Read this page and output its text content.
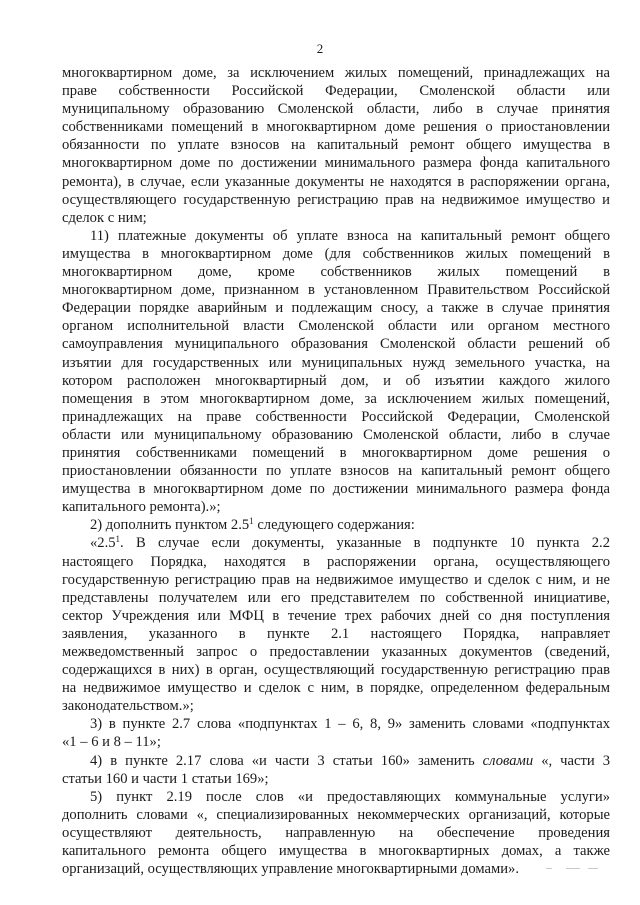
2

многоквартирном доме, за исключением жилых помещений, принадлежащих на
праве собственности Российской Федерации, Смоленской области или
муниципальному образованию Смоленской области, либо в случае принятия
собственниками помещений в многоквартирном доме решения о приостановлении
обязанности по уплате взносов на капитальный ремонт общего имущества в
многоквартирном доме по достижении минимального размера фонда капитального
ремонта), в случае, если указанные документы не находятся в распоряжении органа,
осуществляющего государственную регистрацию прав на недвижимое имущество и
сделок с ним;

11) платежные документы об уплате взноса на капитальный ремонт общего
имущества в многоквартирном доме (для собственников жилых помещений в
многоквартирном доме, кроме собственников жилых помещений в
многоквартирном доме, признанном в установленном Правительством Российской
Федерации порядке аварийным и подлежащим сносу, а также в случае принятия
органом исполнительной власти Смоленской области или органом местного
самоуправления муниципального образования Смоленской области решений об
изъятии для государственных или муниципальных нужд земельного участка, на
котором расположен многоквартирный дом, и об изъятии каждого жилого
помещения в этом многоквартирном доме, за исключением жилых помещений,
принадлежащих на праве собственности Российской Федерации, Смоленской
области или муниципальному образованию Смоленской области, либо в случае
принятия собственниками помещений в многоквартирном доме решения о
приостановлении обязанности по уплате взносов на капитальный ремонт общего
имущества в многоквартирном доме по достижении минимального размера фонда
капитального ремонта).»;

2) дополнить пунктом $2.5^1$ следующего содержания:

«$2.5^1$. В случае если документы, указанные в подпункте 10 пункта 2.2
настоящего Порядка, находятся в распоряжении органа, осуществляющего
государственную регистрацию прав на недвижимое имущество и сделок с ним, и не
представлены получателем или его представителем по собственной инициативе,
сектор Учреждения или МФЦ в течение трех рабочих дней со дня поступления
заявления, указанного в пункте 2.1 настоящего Порядка, направляет
межведомственный запрос о предоставлении указанных документов (сведений,
содержащихся в них) в орган, осуществляющий государственную регистрацию прав
на недвижимое имущество и сделок с ним, в порядке, определенном федеральным
законодательством.»;

3) в пункте 2.7 слова «подпунктах 1 – 6, 8, 9» заменить словами «подпунктах
«1 – 6 и 8 – 11»;

4) в пункте 2.17 слова «и части 3 статьи 160» заменить словами «, части 3
статьи 160 и части 1 статьи 169»;

5) пункт 2.19 после слов «и предоставляющих коммунальные услуги»
дополнить словами «, специализированных некоммерческих организаций, которые
осуществляют деятельность, направленную на обеспечение проведения
капитального ремонта общего имущества в многоквартирных домах, а также
организаций, осуществляющих управление многоквартирными домами».
